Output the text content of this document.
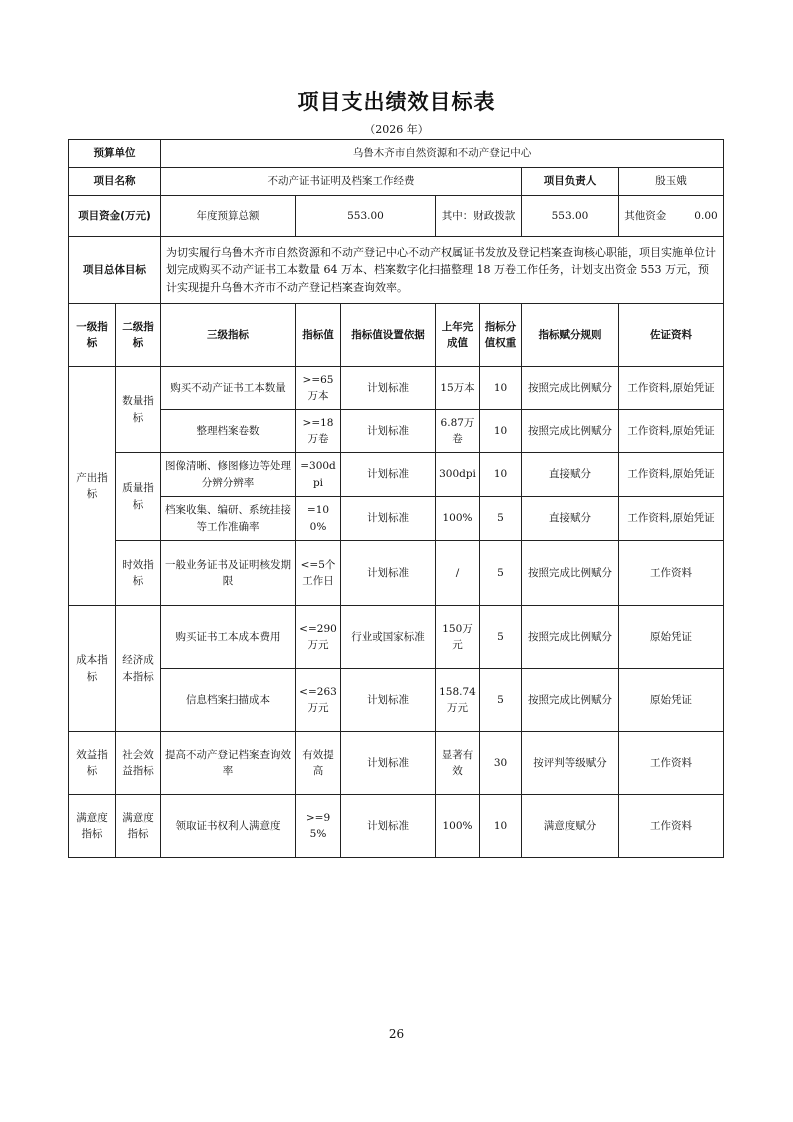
项目支出绩效目标表
（2026 年）
预算单位		乌鲁木齐市自然资源和不动产登记中心						
项目名称		不动产证书证明及档案工作经费					项目负责人	殷玉娥
项目资金(万元)		年度预算总额	553.00		其中：财政拨款		553.00	其他资金 0.00
项目总体目标		为切实履行乌鲁木齐市自然资源和不动产登记中心不动产权属证书发放及登记档案查询核心职能，项目实施单位计划完成购买不动产证书工本数量 64 万本、档案数字化扫描整理 18 万卷工作任务，计划支出资金 553 万元，预计实现提升乌鲁木齐市不动产登记档案查询效率。						
一级指标	二级指标	三级指标	指标值	指标值设置依据	上年完成值	指标分值权重	指标赋分规则	佐证资料
产出指标	数量指标	购买不动产证书工本数量	>=65万本	计划标准	15万本	10	按照完成比例赋分	工作资料,原始凭证
		整理档案卷数	>=18万卷	计划标准	6.87万卷	10	按照完成比例赋分	工作资料,原始凭证
	质量指标	图像清晰、修图修边等处理分辨分辨率	=300dpi	计划标准	300dpi	10	直接赋分	工作资料,原始凭证
		档案收集、编研、系统挂接等工作准确率	=100%	计划标准	100%	5	直接赋分	工作资料,原始凭证
	时效指标	一般业务证书及证明核发期限	<=5个工作日	计划标准	/	5	按照完成比例赋分	工作资料
成本指标	经济成本指标	购买证书工本成本费用	<=290万元	行业或国家标准	150万元	5	按照完成比例赋分	原始凭证
		信息档案扫描成本	<=263万元	计划标准	158.74万元	5	按照完成比例赋分	原始凭证
效益指标	社会效益指标	提高不动产登记档案查询效率	有效提高	计划标准	显著有效	30	按评判等级赋分	工作资料
满意度指标	满意度指标	领取证书权利人满意度	>=95%	计划标准	100%	10	满意度赋分	工作资料
26
